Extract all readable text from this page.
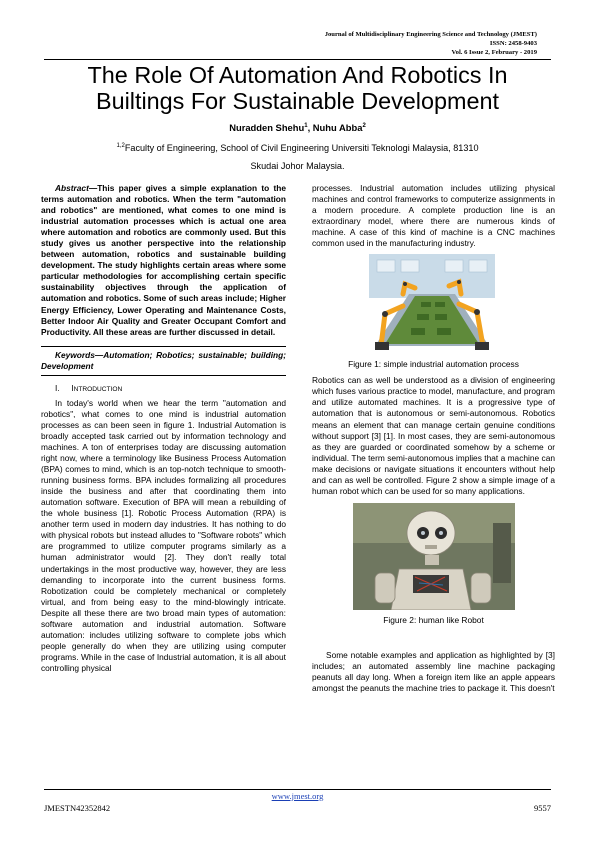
Journal of Multidisciplinary Engineering Science and Technology (JMEST)
ISSN: 2458-9403
Vol. 6 Issue 2, February - 2019
The Role Of Automation And Robotics In
Builtings For Sustainable Development
Nuradden Shehu$^1$, Nuhu Abba$^2$
$^{1,2}$Faculty of Engineering, School of Civil Engineering Universiti Teknologi Malaysia, 81310
Skudai Johor Malaysia.

Abstract—This paper gives a simple explanation to the terms automation and robotics. When the term "automation and robotics" are mentioned, what comes to one mind is industrial automation processes which is actual one area where automation and robotics are commonly used. But this study gives us another perspective into the relationship between automation, robotics and sustainable building development. The study highlights certain areas where some particular methodologies for accomplishing certain specific sustainability objectives through the application of automation and robotics. Some of such areas include; Higher Energy Efficiency, Lower Operating and Maintenance Costs, Better Indoor Air Quality and Greater Occupant Comfort and Productivity. All these areas are further discussed in detail.

Keywords—Automation; Robotics; sustainable; building; Development

I. INTRODUCTION

In today's world when we hear the term "automation and robotics", what comes to one mind is industrial automation processes as can been seen in figure 1. Industrial Automation is broadly accepted task carried out by information technology and machines. A ton of enterprises today are discussing automation right now, where a terminology like Business Process Automation (BPA) comes to mind, which is an top-notch technique to smooth-running business forms. BPA includes formalizing all procedures inside the business and after that coordinating them into automation software. Execution of BPA will mean a rebuilding of the whole business [1]. Robotic Process Automation (RPA) is another term used in modern day industries. It has nothing to do with physical robots but instead alludes to "Software robots" which are programmed to utilize computer programs similarly as a human administrator would [2]. They don't really total undertakings in the most productive way, however, they are less demanding to incorporate into the current business forms. Robotization could be completely mechanical or completely virtual, and from being easy to the mind-blowingly intricate. Despite all these there are two broad main types of automation: software automation and industrial automation. Software automation: includes utilizing software to complete jobs which people generally do when they are utilizing using computer programs. While in the case of Industrial automation, it is all about controlling physical

processes. Industrial automation includes utilizing physical machines and control frameworks to computerize assignments in a modern procedure. A complete production line is an extraordinary model, where there are numerous kinds of machine. A case of this kind of machine is a CNC machines common used in the manufacturing industry.

Figure 1: simple industrial automation process

Robotics can as well be understood as a division of engineering which fuses various practice to model, manufacture, and program and utilize automated machines. It is a progressive type of automation that is autonomous or semi-autonomous. Robotics means an element that can manage certain genuine conditions without support [3] [1]. In most cases, they are semi-autonomous as they are guarded or coordinated somehow by a scheme or individual. The term semi-autonomous implies that a machine can make decisions or navigate situations it encounters without help and can as well be controlled. Figure 2 show a simple image of a human robot which can be used for so many applications.

Figure 2: human like Robot

Some notable examples and application as highlighted by [3] includes; an automated assembly line machine packaging peanuts all day long. When a foreign item like an apple appears amongst the peanuts the machine tries to package it. This doesn't

www.jmest.org
JMESTN42352842	9557
